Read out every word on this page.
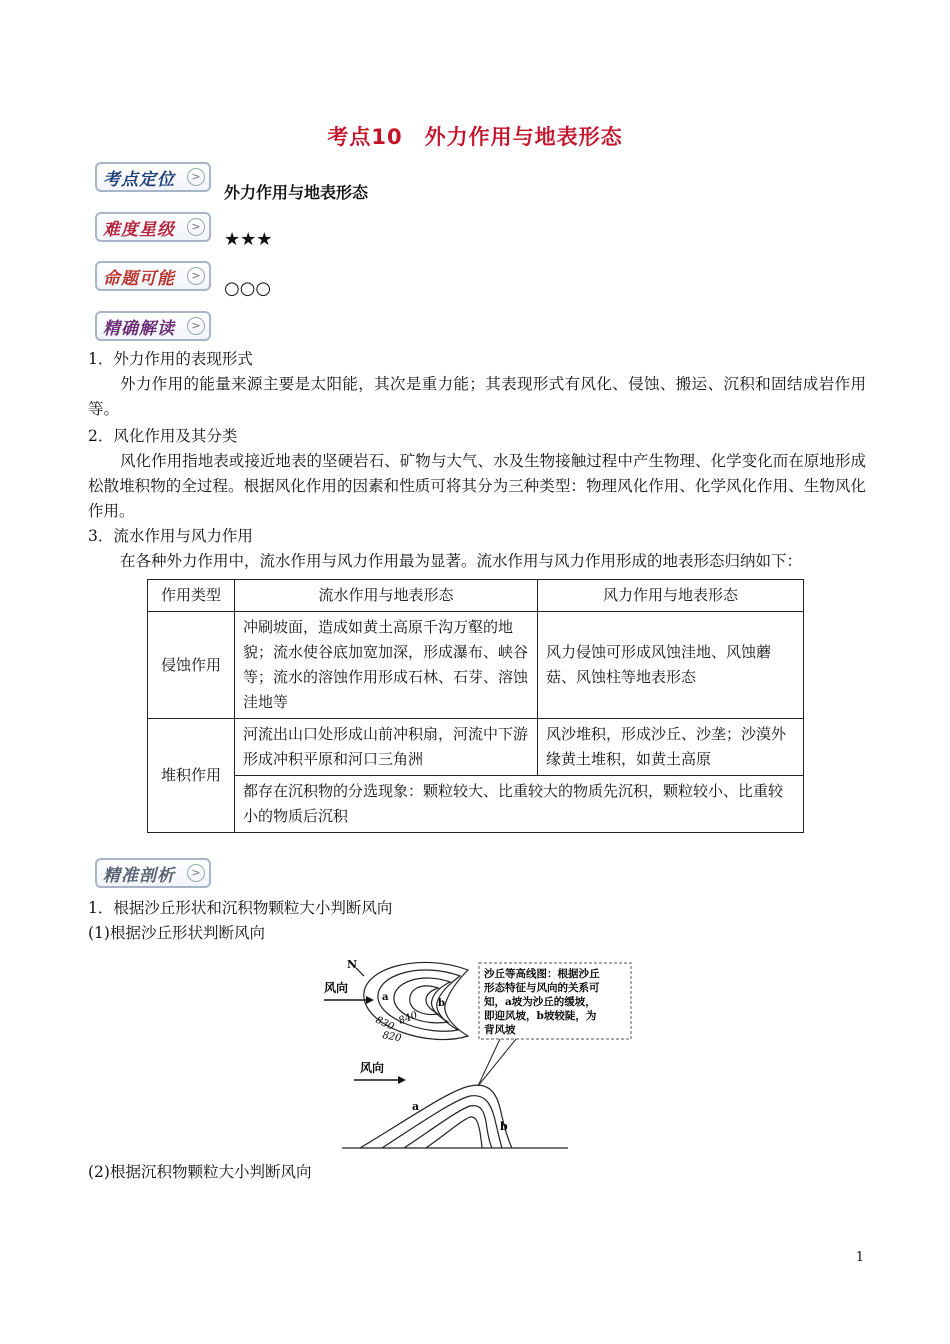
考点10　外力作用与地表形态
考点定位	>
外力作用与地表形态
难度星级	>
★★★
命题可能	>
○○○
精确解读	>
1．外力作用的表现形式
外力作用的能量来源主要是太阳能，其次是重力能；其表现形式有风化、侵蚀、搬运、沉积和固结成岩作用等。
2．风化作用及其分类
风化作用指地表或接近地表的坚硬岩石、矿物与大气、水及生物接触过程中产生物理、化学变化而在原地形成松散堆积物的全过程。根据风化作用的因素和性质可将其分为三种类型：物理风化作用、化学风化作用、生物风化作用。
3．流水作用与风力作用
在各种外力作用中，流水作用与风力作用最为显著。流水作用与风力作用形成的地表形态归纳如下：
作用类型	流水作用与地表形态	风力作用与地表形态
侵蚀作用	冲刷坡面，造成如黄土高原千沟万壑的地貌；流水使谷底加宽加深，形成瀑布、峡谷等；流水的溶蚀作用形成石林、石芽、溶蚀洼地等	风力侵蚀可形成风蚀洼地、风蚀蘑菇、风蚀柱等地表形态
堆积作用	河流出山口处形成山前冲积扇，河流中下游形成冲积平原和河口三角洲	风沙堆积，形成沙丘、沙垄；沙漠外缘黄土堆积，如黄土高原
	都存在沉积物的分选现象：颗粒较大、比重较大的物质先沉积，颗粒较小、比重较小的物质后沉积	
精准剖析	>
1．根据沙丘形状和沉积物颗粒大小判断风向
(1)根据沙丘形状判断风向
N
风向
a
b
830 840
820
沙丘等高线图：根据沙丘
形态特征与风向的关系可
知，a坡为沙丘的缓坡，
即迎风坡，b坡较陡，为
背风坡
风向
a
b
(2)根据沉积物颗粒大小判断风向
1
